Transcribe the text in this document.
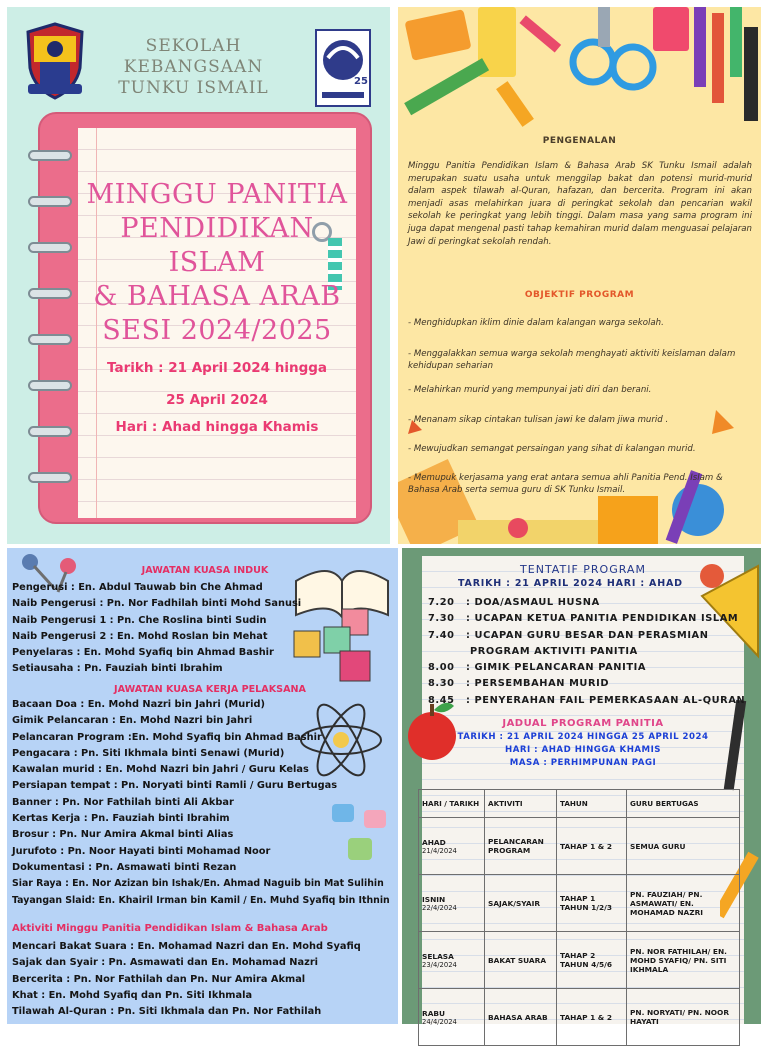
SEKOLAH KEBANGSAAN
TUNKU ISMAIL	25
MINGGU PANITIA
PENDIDIKAN ISLAM
& BAHASA ARAB
SESI 2024/2025
Tarikh : 21 April 2024 hingga
25 April 2024
Hari : Ahad hingga Khamis
PENGENALAN
Minggu Panitia Pendidikan Islam & Bahasa Arab SK Tunku Ismail adalah merupakan suatu usaha untuk menggilap bakat dan potensi murid-murid dalam aspek tilawah al-Quran, hafazan, dan bercerita. Program ini akan menjadi asas melahirkan juara di peringkat sekolah dan pencarian wakil sekolah ke peringkat yang lebih tinggi. Dalam masa yang sama program ini juga dapat mengenal pasti tahap kemahiran murid dalam menguasai pelajaran Jawi di peringkat sekolah rendah.
OBJEKTIF PROGRAM
- Menghidupkan iklim dinie dalam kalangan warga sekolah.
- Menggalakkan semua warga sekolah menghayati aktiviti keislaman dalam kehidupan seharian
- Melahirkan murid yang mempunyai jati diri dan berani.
- Menanam sikap cintakan tulisan jawi ke dalam jiwa murid .
- Mewujudkan semangat persaingan yang sihat di kalangan murid.
- Memupuk kerjasama yang erat antara semua ahli Panitia Pend. Islam & Bahasa Arab serta semua guru di SK Tunku Ismail.
JAWATAN KUASA INDUK
Pengerusi : En. Abdul Tauwab bin Che Ahmad
Naib Pengerusi : Pn. Nor Fadhilah binti Mohd Sanusi
Naib Pengerusi 1 : Pn. Che Roslina binti Sudin
Naib Pengerusi 2 : En. Mohd Roslan bin Mehat
Penyelaras : En. Mohd Syafiq bin Ahmad Bashir
Setiausaha : Pn. Fauziah binti Ibrahim
JAWATAN KUASA KERJA PELAKSANA
Bacaan Doa : En. Mohd Nazri bin Jahri (Murid)
Gimik Pelancaran : En. Mohd Nazri bin Jahri
Pelancaran Program :En. Mohd Syafiq bin Ahmad Bashir
Pengacara : Pn. Siti Ikhmala binti Senawi (Murid)
Kawalan murid : En. Mohd Nazri bin Jahri / Guru Kelas
Persiapan tempat : Pn. Noryati binti Ramli / Guru Bertugas
Banner : Pn. Nor Fathilah binti Ali Akbar
Kertas Kerja : Pn. Fauziah binti Ibrahim
Brosur : Pn. Nur Amira Akmal binti Alias
Jurufoto : Pn. Noor Hayati binti Mohamad Noor
Dokumentasi : Pn. Asmawati binti Rezan
Siar Raya : En. Nor Azizan bin Ishak/En. Ahmad Naguib bin Mat Sulihin
Tayangan Slaid: En. Khairil Irman bin Kamil / En. Muhd Syafiq bin Ithnin
Aktiviti Minggu Panitia Pendidikan Islam & Bahasa Arab
Mencari Bakat Suara : En. Mohamad Nazri dan En. Mohd Syafiq
Sajak dan Syair : Pn. Asmawati dan En. Mohamad Nazri
Bercerita : Pn. Nor Fathilah dan Pn. Nur Amira Akmal
Khat : En. Mohd Syafiq dan Pn. Siti Ikhmala
Tilawah Al-Quran : Pn. Siti Ikhmala dan Pn. Nor Fathilah
TENTATIF PROGRAM
TARIKH : 21 APRIL 2024 HARI : AHAD
7.20 : DOA/ASMAUL HUSNA
7.30 : UCAPAN KETUA PANITIA PENDIDIKAN ISLAM
7.40 : UCAPAN GURU BESAR DAN PERASMIAN
PROGRAM AKTIVITI PANITIA
8.00 : GIMIK PELANCARAN PANITIA
8.30 : PERSEMBAHAN MURID
8.45 : PENYERAHAN FAIL PEMERKASAAN AL-QURAN
JADUAL PROGRAM PANITIA
TARIKH : 21 APRIL 2024 HINGGA 25 APRIL 2024
HARI : AHAD HINGGA KHAMIS
MASA : PERHIMPUNAN PAGI
HARI / TARIKH	AKTIVITI	TAHUN	GURU BERTUGAS
AHAD
21/4/2024	PELANCARAN PROGRAM	TAHAP 1 & 2	SEMUA GURU
ISNIN
22/4/2024	SAJAK/SYAIR	TAHAP 1 TAHUN 1/2/3	PN. FAUZIAH/ PN. ASMAWATI/ EN. MOHAMAD NAZRI
SELASA
23/4/2024	BAKAT SUARA	TAHAP 2 TAHUN 4/5/6	PN. NOR FATHILAH/ EN. MOHD SYAFIQ/ PN. SITI IKHMALA
RABU
24/4/2024	BAHASA ARAB	TAHAP 1 & 2	PN. NORYATI/ PN. NOOR HAYATI
